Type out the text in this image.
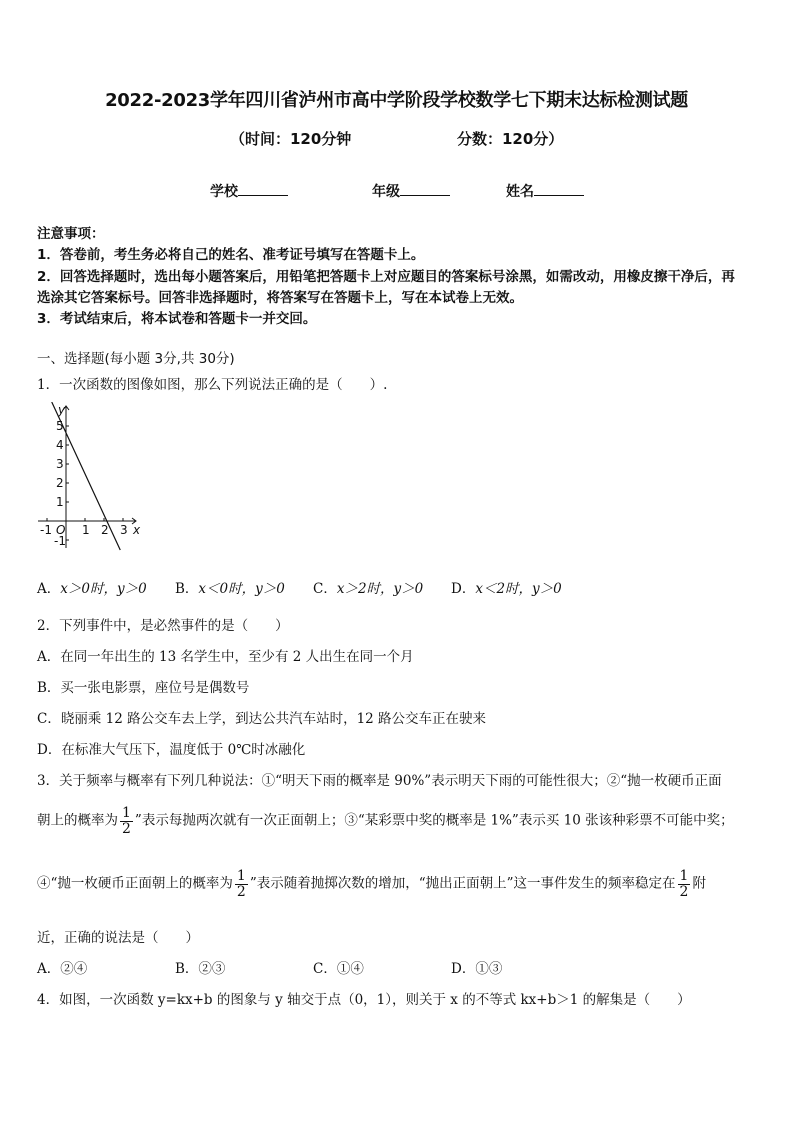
2022-2023学年四川省泸州市高中学阶段学校数学七下期末达标检测试题
（时间：120分钟	分数：120分）
学校	年级	姓名
注意事项：
1．答卷前，考生务必将自己的姓名、准考证号填写在答题卡上。
2．回答选择题时，选出每小题答案后，用铅笔把答题卡上对应题目的答案标号涂黑，如需改动，用橡皮擦干净后，再
选涂其它答案标号。回答非选择题时，将答案写在答题卡上，写在本试卷上无效。
3．考试结束后，将本试卷和答题卡一并交回。
一、选择题(每小题 3分,共 30分)
1．一次函数的图像如图，那么下列说法正确的是（　　）.
y
x
5
4
3
2
1
-1
-1 O 1 2 3
A．x＞0时，y＞0 B．x＜0时，y＞0 C．x＞2时，y＞0 D．x＜2时，y＞0
2．下列事件中，是必然事件的是（　　）
A．在同一年出生的 13 名学生中，至少有 2 人出生在同一个月
B．买一张电影票，座位号是偶数号
C．晓丽乘 12 路公交车去上学，到达公共汽车站时，12 路公交车正在驶来
D．在标准大气压下，温度低于 0℃时冰融化
3．关于频率与概率有下列几种说法：①“明天下雨的概率是 90%”表示明天下雨的可能性很大；②“抛一枚硬币正面
朝上的概率为 $\frac{1}{2}$ ”表示每抛两次就有一次正面朝上；③“某彩票中奖的概率是 1%”表示买 10 张该种彩票不可能中奖；
④“抛一枚硬币正面朝上的概率为 $\frac{1}{2}$ ”表示随着抛掷次数的增加，“抛出正面朝上”这一事件发生的频率稳定在 $\frac{1}{2}$ 附
近，正确的说法是（　　）
A．②④	B．②③	C．①④	D．①③
4．如图，一次函数 y=kx+b 的图象与 y 轴交于点（0，1），则关于 x 的不等式 kx+b＞1 的解集是（　　）
